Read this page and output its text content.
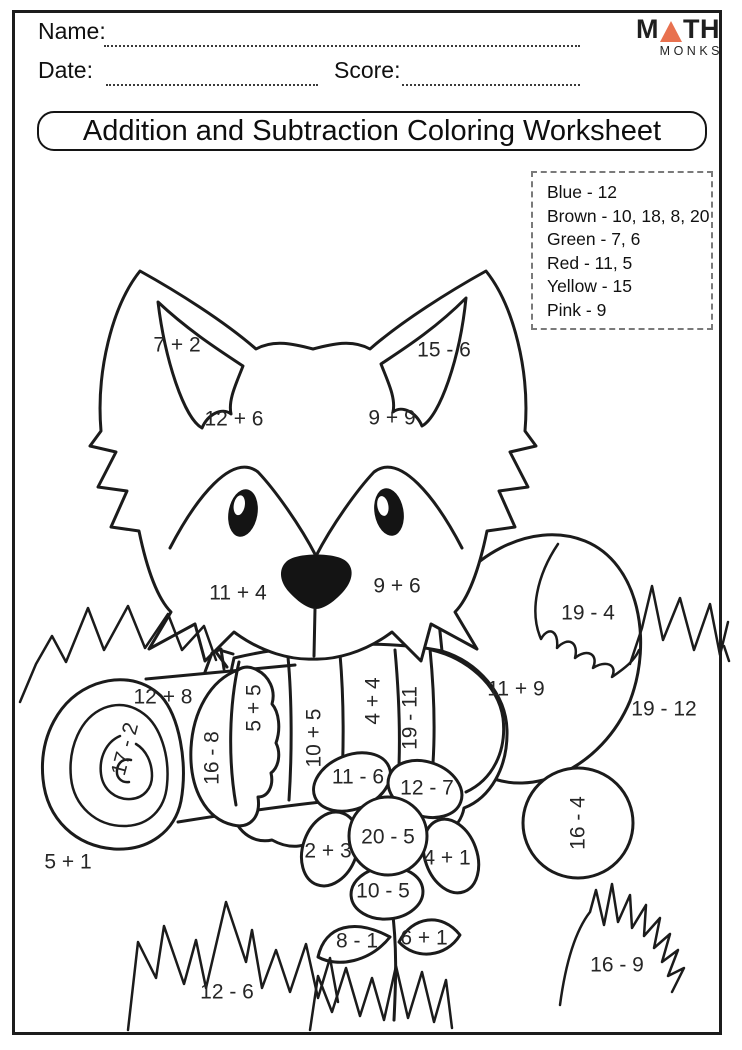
Name:
Date:	Score:
M TH
MONKS
Addition and Subtraction Coloring Worksheet
Blue - 12
Brown - 10, 18, 8, 20
Green - 7, 6
Red - 11, 5
Yellow - 15
Pink - 9
7 + 2	15 - 6
12 + 6	9 + 9
11 + 4	9 + 6
19 - 4
11 + 9
19 - 12
12 + 8
17 - 2
5 + 5
16 - 8	10 + 5
4 + 4 19 - 11
11 - 6 12 - 7
20 - 5
2 + 3	4 + 1
10 - 5
8 - 1 6 + 1
5 + 1
16 - 4
12 - 6
16 - 9
